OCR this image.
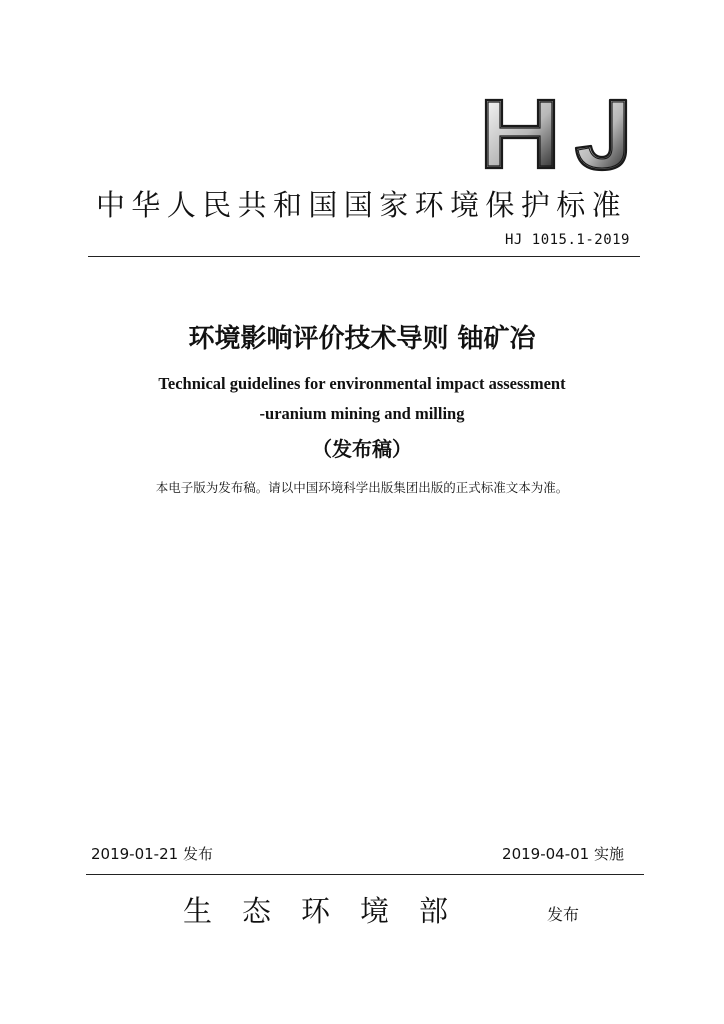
中华人民共和国国家环境保护标准
HJ 1015.1-2019
环境影响评价技术导则 铀矿冶
Technical guidelines for environmental impact assessment
-uranium mining and milling
（发布稿）
本电子版为发布稿。请以中国环境科学出版集团出版的正式标准文本为准。
2019-01-21 发布	2019-04-01 实施
生态环境部	发布
